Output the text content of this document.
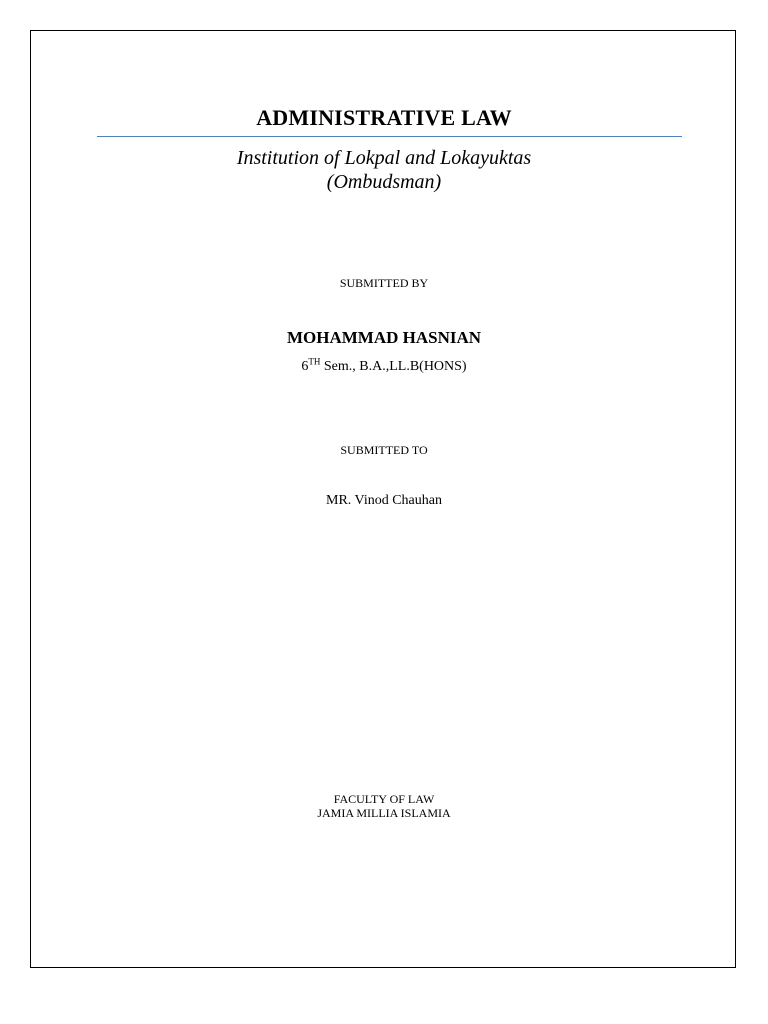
ADMINISTRATIVE LAW
Institution of Lokpal and Lokayuktas
(Ombudsman)
SUBMITTED BY
MOHAMMAD HASNIAN
6TH Sem., B.A.,LL.B(HONS)
SUBMITTED TO
MR. Vinod Chauhan
FACULTY OF LAW
JAMIA MILLIA ISLAMIA
